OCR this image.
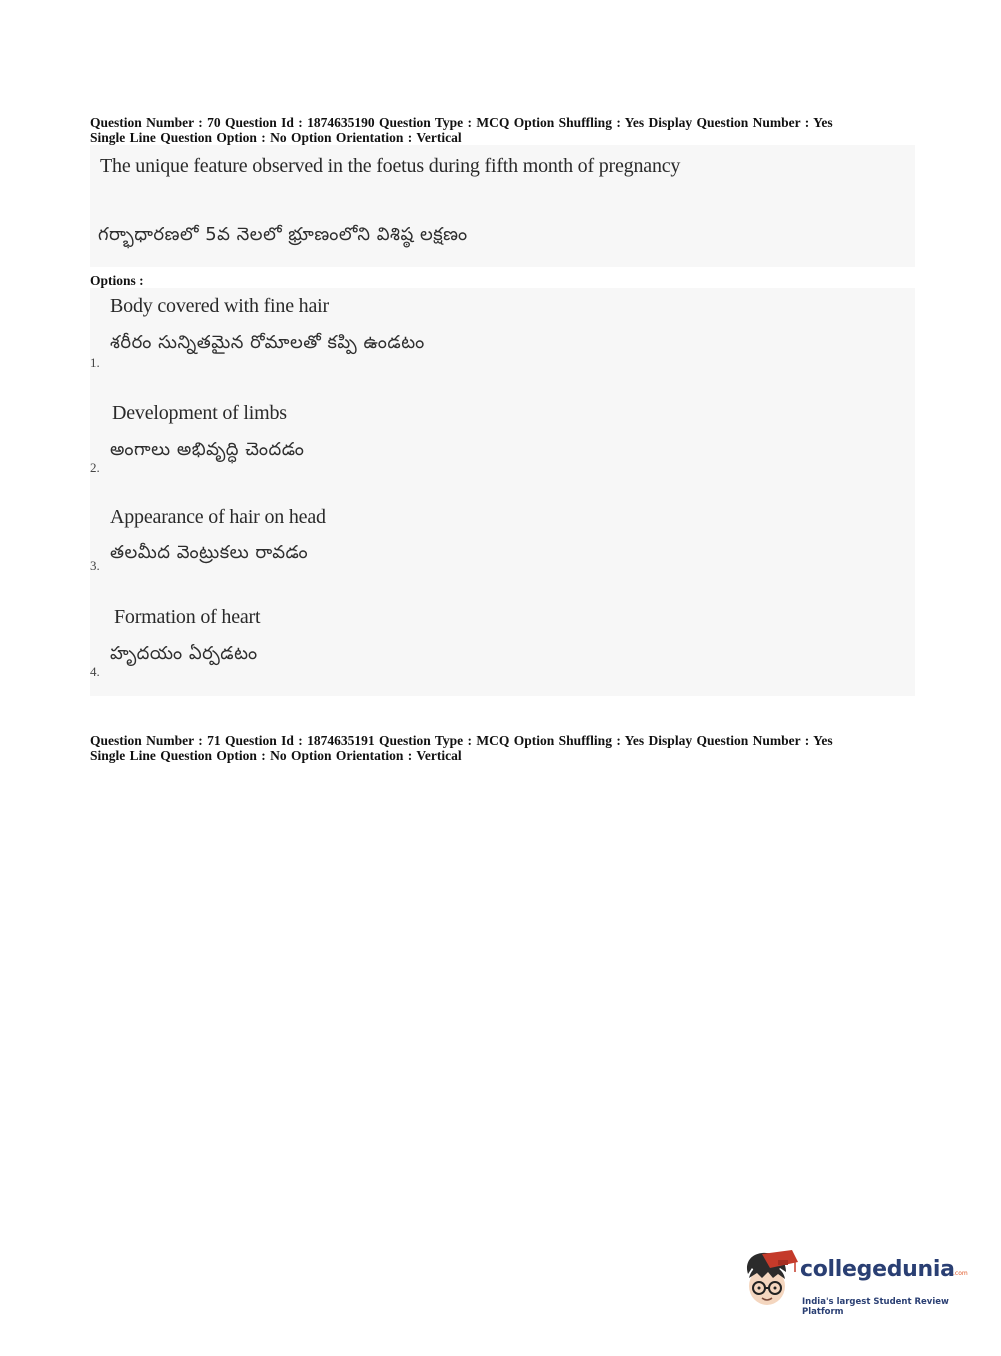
Question Number : 70 Question Id : 1874635190 Question Type : MCQ Option Shuffling : Yes Display Question Number : Yes
Single Line Question Option : No Option Orientation : Vertical
The unique feature observed in the foetus during fifth month of pregnancy
గర్భాధారణలో 5వ నెలలో భ్రూణంలోని విశిష్ఠ లక్షణం
Options :
Body covered with fine hair
శరీరం సున్నితమైన రోమాలతో కప్పి ఉండటం
1.
Development of limbs
అంగాలు అభివృద్ధి చెందడం
2.
Appearance of hair on head
తలమీద వెంట్రుకలు రావడం
3.
Formation of heart
హృదయం ఏర్పడటం
4.
Question Number : 71 Question Id : 1874635191 Question Type : MCQ Option Shuffling : Yes Display Question Number : Yes
Single Line Question Option : No Option Orientation : Vertical
collegedunia
.com
India's largest Student Review Platform
